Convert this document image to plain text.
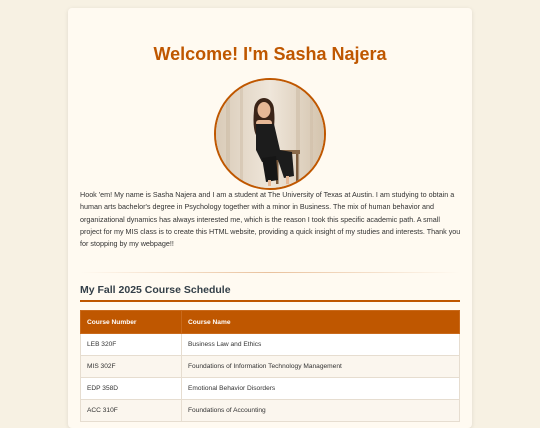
Welcome! I'm Sasha Najera

Hook 'em! My name is Sasha Najera and I am a student at The University of Texas at Austin. I am studying to obtain a human arts bachelor's degree in Psychology together with a minor in Business. The mix of human behavior and organizational dynamics has always interested me, which is the reason I took this specific academic path. A small project for my MIS class is to create this HTML website, providing a quick insight of my studies and interests. Thank you for stopping by my webpage!!

My Fall 2025 Course Schedule
Course Number	Course Name
LEB 320F	Business Law and Ethics
MIS 302F	Foundations of Information Technology Management
EDP 358D	Emotional Behavior Disorders
ACC 310F	Foundations of Accounting
